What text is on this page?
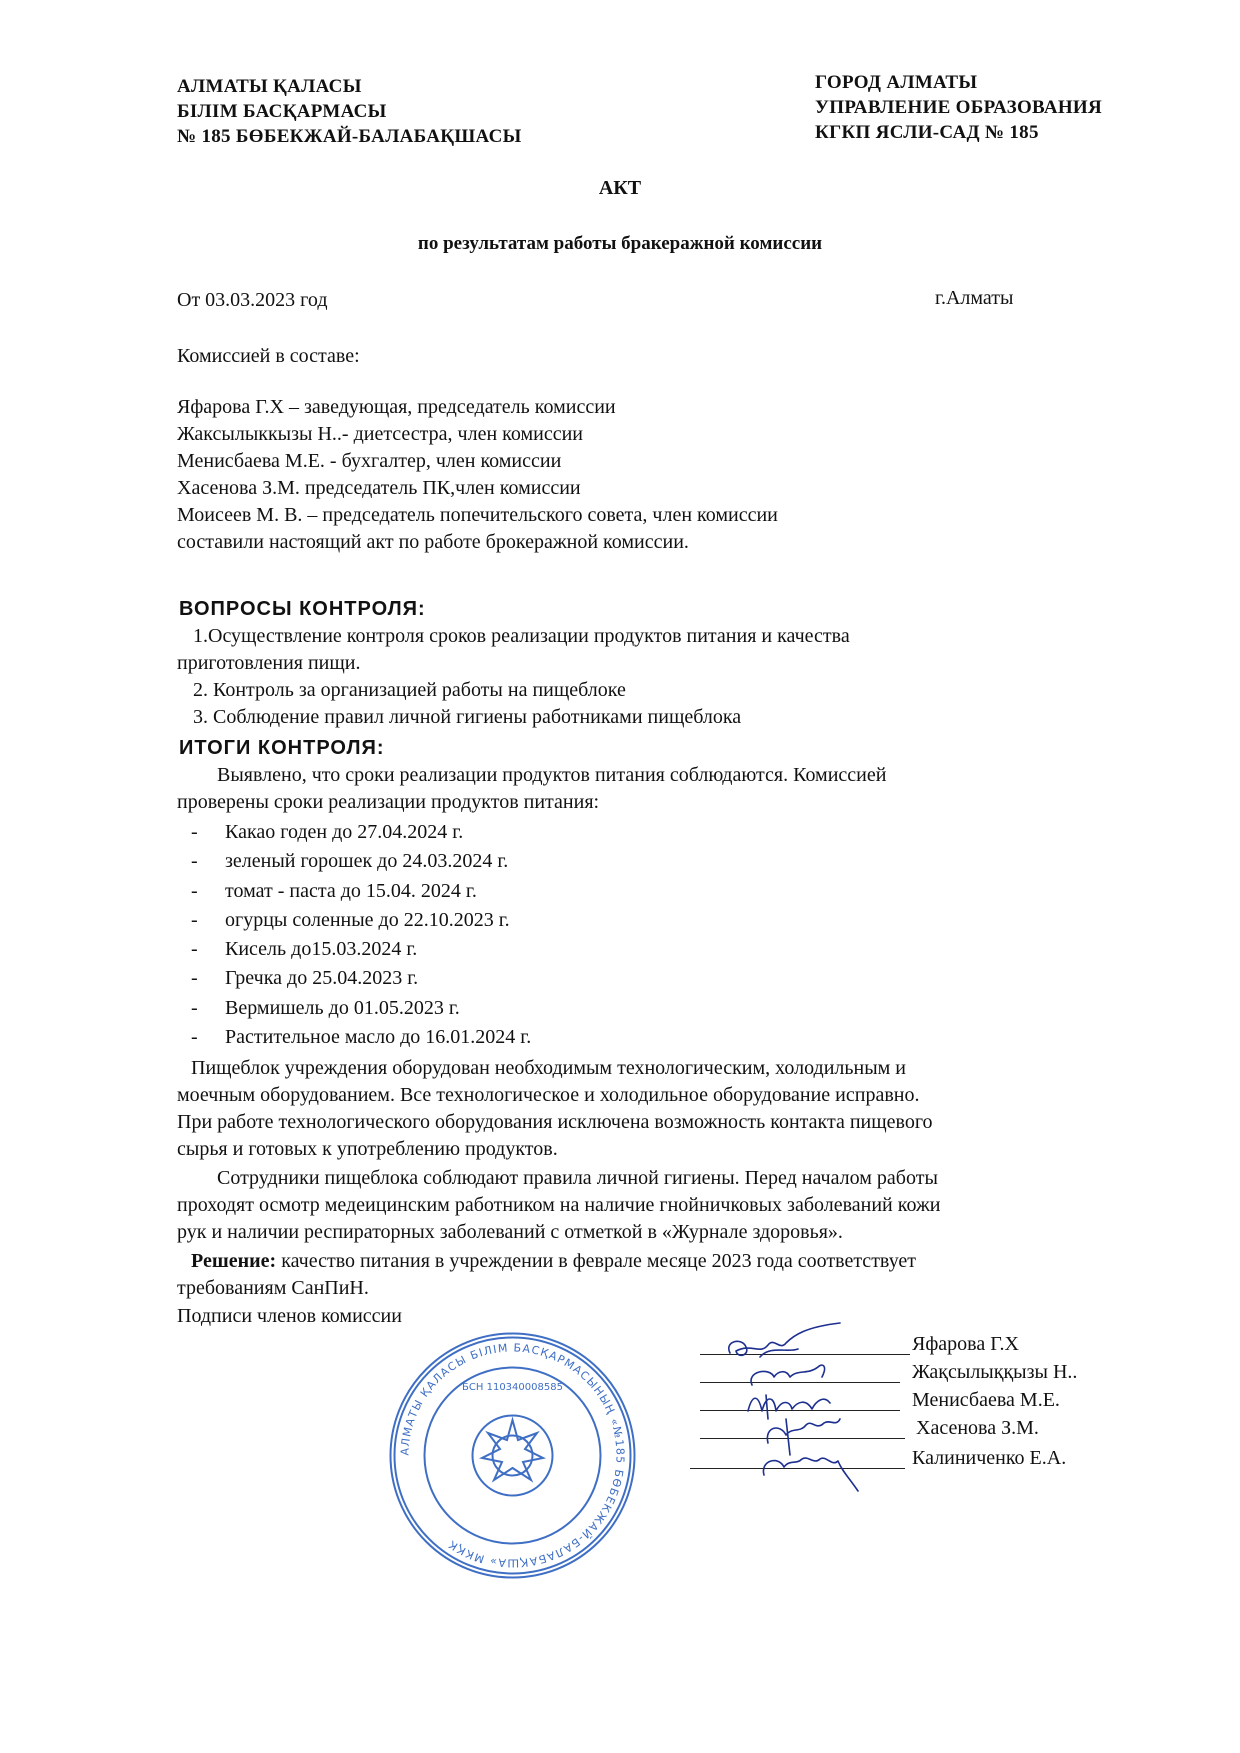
АЛМАТЫ ҚАЛАСЫ
БІЛІМ БАСҚАРМАСЫ
№ 185 БӨБЕКЖАЙ-БАЛАБАҚШАСЫ
ГОРОД АЛМАТЫ
УПРАВЛЕНИЕ ОБРАЗОВАНИЯ
КГКП ЯСЛИ-САД № 185
АКТ
по результатам работы бракеражной комиссии
От 03.03.2023 год	г.Алматы
Комиссией в составе:
Яфарова Г.Х – заведующая, председатель комиссии
Жаксылыккызы Н..- диетсестра, член комиссии
Менисбаева М.Е. - бухгалтер, член комиссии
Хасенова З.М. председатель ПК,член комиссии
Моисеев М. В. – председатель попечительского совета, член комиссии
составили настоящий акт по работе брокеражной комиссии.
ВОПРОСЫ КОНТРОЛЯ:
1.Осуществление контроля сроков реализации продуктов питания и качества
приготовления пищи.
2. Контроль за организацией работы на пищеблоке
3. Соблюдение правил личной гигиены работниками пищеблока
ИТОГИ КОНТРОЛЯ:
Выявлено, что сроки реализации продуктов питания соблюдаются. Комиссией
проверены сроки реализации продуктов питания:
- Какао годен до 27.04.2024 г.
- зеленый горошек до 24.03.2024 г.
- томат - паста до 15.04. 2024 г.
- огурцы соленные до 22.10.2023 г.
- Кисель до15.03.2024 г.
- Гречка до 25.04.2023 г.
- Вермишель до 01.05.2023 г.
- Растительное масло до 16.01.2024 г.
Пищеблок учреждения оборудован необходимым технологическим, холодильным и
моечным оборудованием. Все технологическое и холодильное оборудование исправно.
При работе технологического оборудования исключена возможность контакта пищевого
сырья и готовых к употреблению продуктов.
Сотрудники пищеблока соблюдают правила личной гигиены. Перед началом работы
проходят осмотр медеицинским работником на наличие гнойничковых заболеваний кожи
рук и наличии респираторных заболеваний с отметкой в «Журнале здоровья».
Решение: качество питания в учреждении в феврале месяце 2023 года соответствует
требованиям СанПиН.
Подписи членов комиссии
АЛМАТЫ ҚАЛАСЫ БІЛІМ БАСҚАРМАСЫНЫҢ «№185 БӨБЕКЖАЙ-БАЛАБАҚША» МКҚК
БСН 110340008585
Яфарова Г.Х
Жақсылыққызы Н..
Менисбаева М.Е.
Хасенова З.М.
Калиниченко Е.А.
